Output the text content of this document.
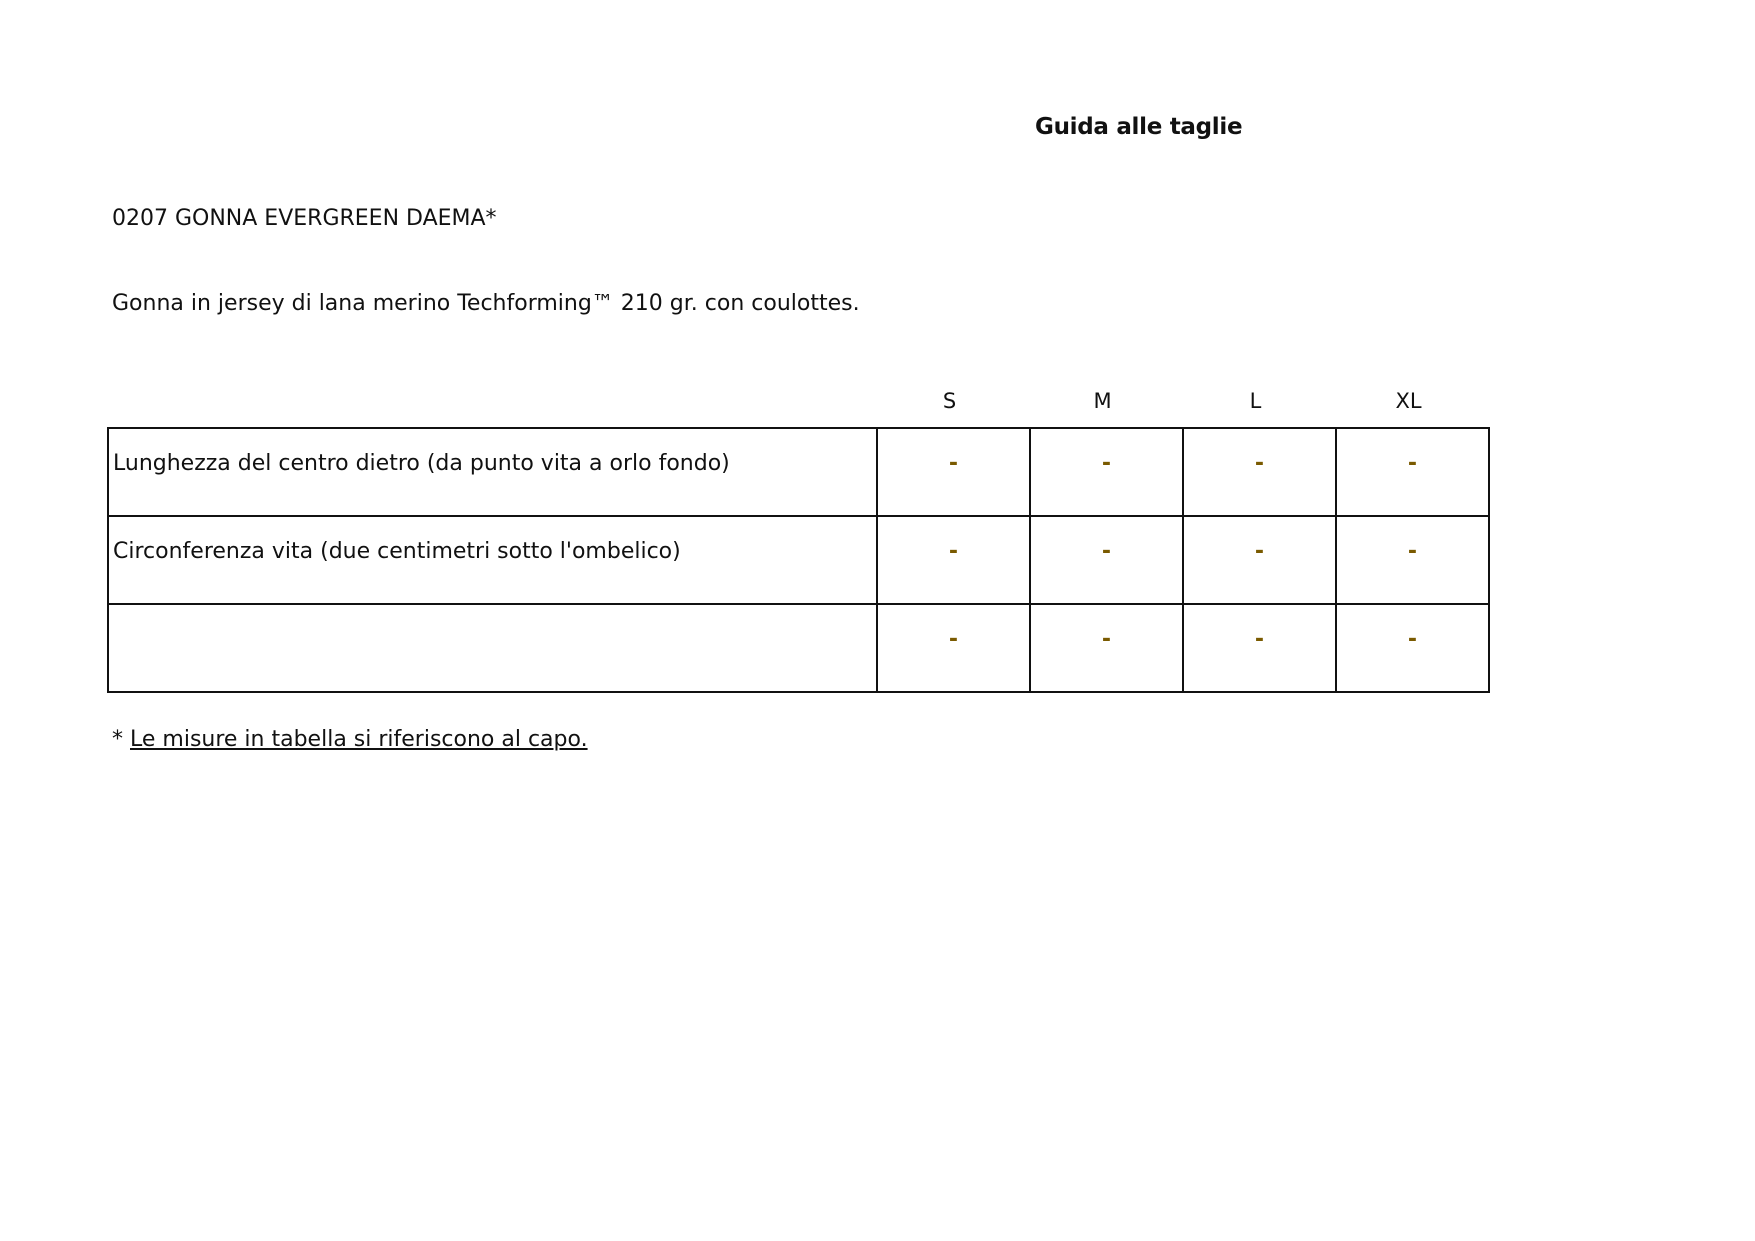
Guida alle taglie
0207 GONNA EVERGREEN DAEMA*
Gonna in jersey di lana merino Techforming™ 210 gr. con coulottes.
S	M	L	XL
Lunghezza del centro dietro (da punto vita a orlo fondo)	-	-	-	-

Circonferenza vita (due centimetri sotto l'ombelico)	-	-	-	-

	-	-	-	-
* Le misure in tabella si riferiscono al capo.
